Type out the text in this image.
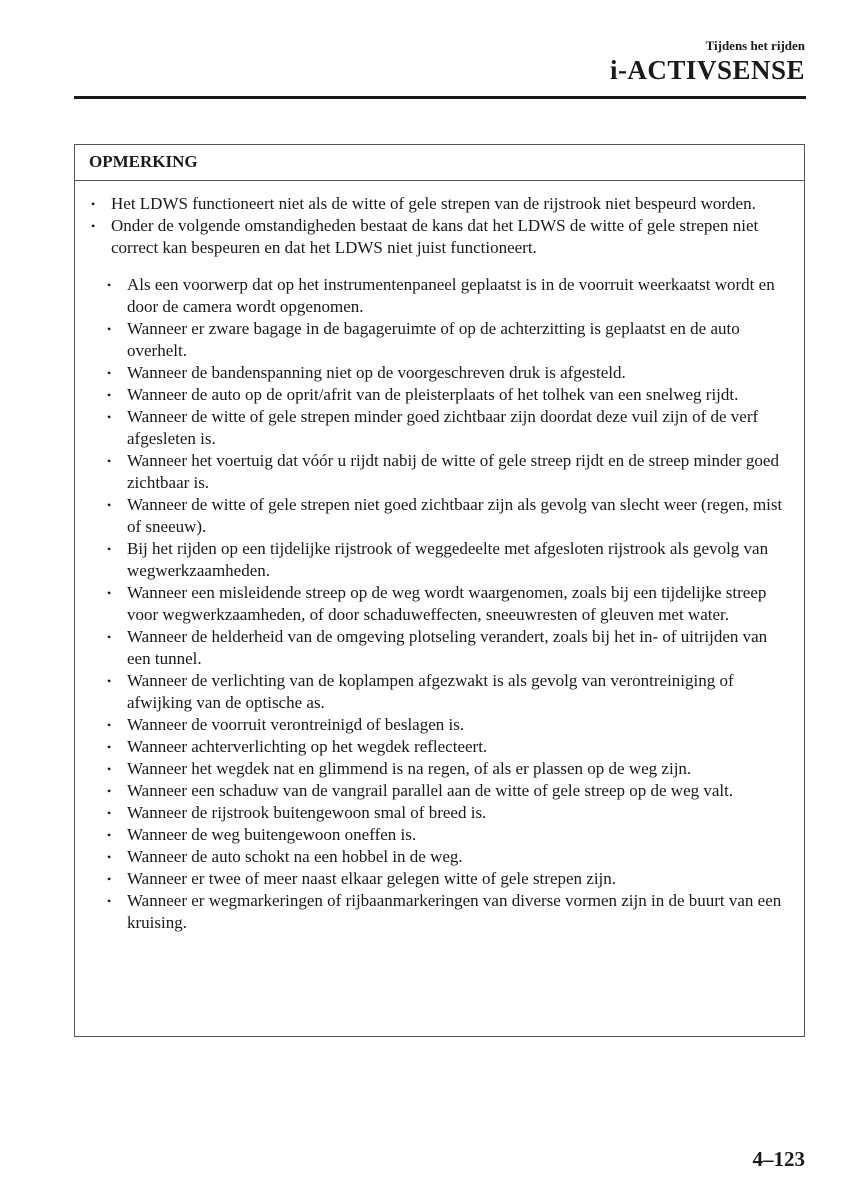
Tijdens het rijden
i-ACTIVSENSE
OPMERKING
• Het LDWS functioneert niet als de witte of gele strepen van de rijstrook niet bespeurd worden.
• Onder de volgende omstandigheden bestaat de kans dat het LDWS de witte of gele strepen niet correct kan bespeuren en dat het LDWS niet juist functioneert.
• Als een voorwerp dat op het instrumentenpaneel geplaatst is in de voorruit weerkaatst wordt en door de camera wordt opgenomen.
• Wanneer er zware bagage in de bagageruimte of op de achterzitting is geplaatst en de auto overhelt.
• Wanneer de bandenspanning niet op de voorgeschreven druk is afgesteld.
• Wanneer de auto op de oprit/afrit van de pleisterplaats of het tolhek van een snelweg rijdt.
• Wanneer de witte of gele strepen minder goed zichtbaar zijn doordat deze vuil zijn of de verf afgesleten is.
• Wanneer het voertuig dat vóór u rijdt nabij de witte of gele streep rijdt en de streep minder goed zichtbaar is.
• Wanneer de witte of gele strepen niet goed zichtbaar zijn als gevolg van slecht weer (regen, mist of sneeuw).
• Bij het rijden op een tijdelijke rijstrook of weggedeelte met afgesloten rijstrook als gevolg van wegwerkzaamheden.
• Wanneer een misleidende streep op de weg wordt waargenomen, zoals bij een tijdelijke streep voor wegwerkzaamheden, of door schaduweffecten, sneeuwresten of gleuven met water.
• Wanneer de helderheid van de omgeving plotseling verandert, zoals bij het in- of uitrijden van een tunnel.
• Wanneer de verlichting van de koplampen afgezwakt is als gevolg van verontreiniging of afwijking van de optische as.
• Wanneer de voorruit verontreinigd of beslagen is.
• Wanneer achterverlichting op het wegdek reflecteert.
• Wanneer het wegdek nat en glimmend is na regen, of als er plassen op de weg zijn.
• Wanneer een schaduw van de vangrail parallel aan de witte of gele streep op de weg valt.
• Wanneer de rijstrook buitengewoon smal of breed is.
• Wanneer de weg buitengewoon oneffen is.
• Wanneer de auto schokt na een hobbel in de weg.
• Wanneer er twee of meer naast elkaar gelegen witte of gele strepen zijn.
• Wanneer er wegmarkeringen of rijbaanmarkeringen van diverse vormen zijn in de buurt van een kruising.
4–123
